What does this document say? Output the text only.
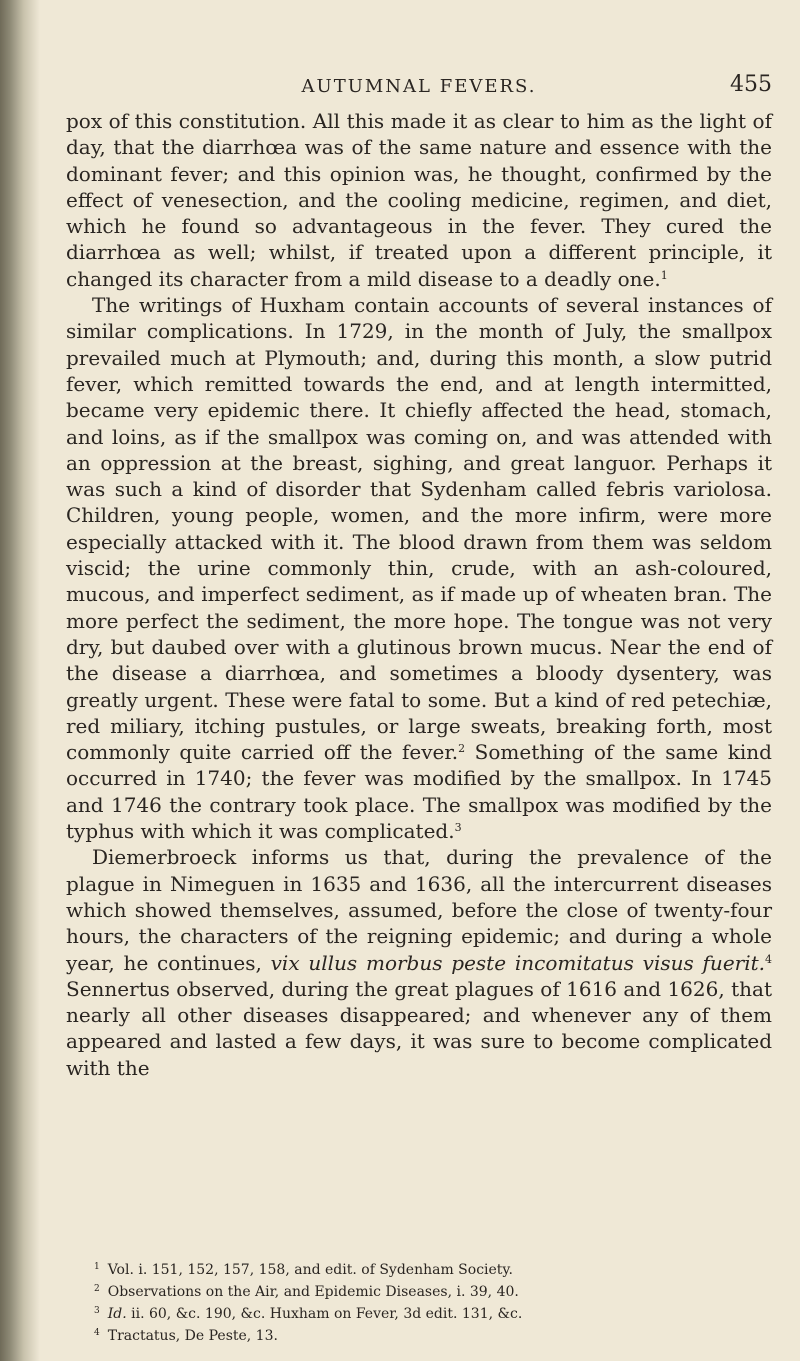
AUTUMNAL FEVERS.	455

pox of this constitution. All this made it as clear to him as the light of day, that the diarrhœa was of the same nature and essence with the dominant fever; and this opinion was, he thought, confirmed by the effect of venesection, and the cooling medicine, regimen, and diet, which he found so advantageous in the fever. They cured the diarrhœa as well; whilst, if treated upon a different principle, it changed its character from a mild disease to a deadly one.$^1$

The writings of Huxham contain accounts of several instances of similar complications. In 1729, in the month of July, the smallpox prevailed much at Plymouth; and, during this month, a slow putrid fever, which remitted towards the end, and at length intermitted, became very epidemic there. It chiefly affected the head, stomach, and loins, as if the smallpox was coming on, and was attended with an oppression at the breast, sighing, and great languor. Perhaps it was such a kind of disorder that Sydenham called febris variolosa. Children, young people, women, and the more infirm, were more especially attacked with it. The blood drawn from them was seldom viscid; the urine commonly thin, crude, with an ash-coloured, mucous, and imperfect sediment, as if made up of wheaten bran. The more perfect the sediment, the more hope. The tongue was not very dry, but daubed over with a glutinous brown mucus. Near the end of the disease a diarrhœa, and sometimes a bloody dysentery, was greatly urgent. These were fatal to some. But a kind of red petechiæ, red miliary, itching pustules, or large sweats, breaking forth, most commonly quite carried off the fever.$^2$ Something of the same kind occurred in 1740; the fever was modified by the smallpox. In 1745 and 1746 the contrary took place. The smallpox was modified by the typhus with which it was complicated.$^3$

Diemerbroeck informs us that, during the prevalence of the plague in Nimeguen in 1635 and 1636, all the intercurrent diseases which showed themselves, assumed, before the close of twenty-four hours, the characters of the reigning epidemic; and during a whole year, he continues, vix ullus morbus peste incomitatus visus fuerit.$^4$ Sennertus observed, during the great plagues of 1616 and 1626, that nearly all other diseases disappeared; and whenever any of them appeared and lasted a few days, it was sure to become complicated with the

$^1$ Vol. i. 151, 152, 157, 158, and edit. of Sydenham Society.

$^2$ Observations on the Air, and Epidemic Diseases, i. 39, 40.

$^3$ Id. ii. 60, &c. 190, &c. Huxham on Fever, 3d edit. 131, &c.

$^4$ Tractatus, De Peste, 13.
